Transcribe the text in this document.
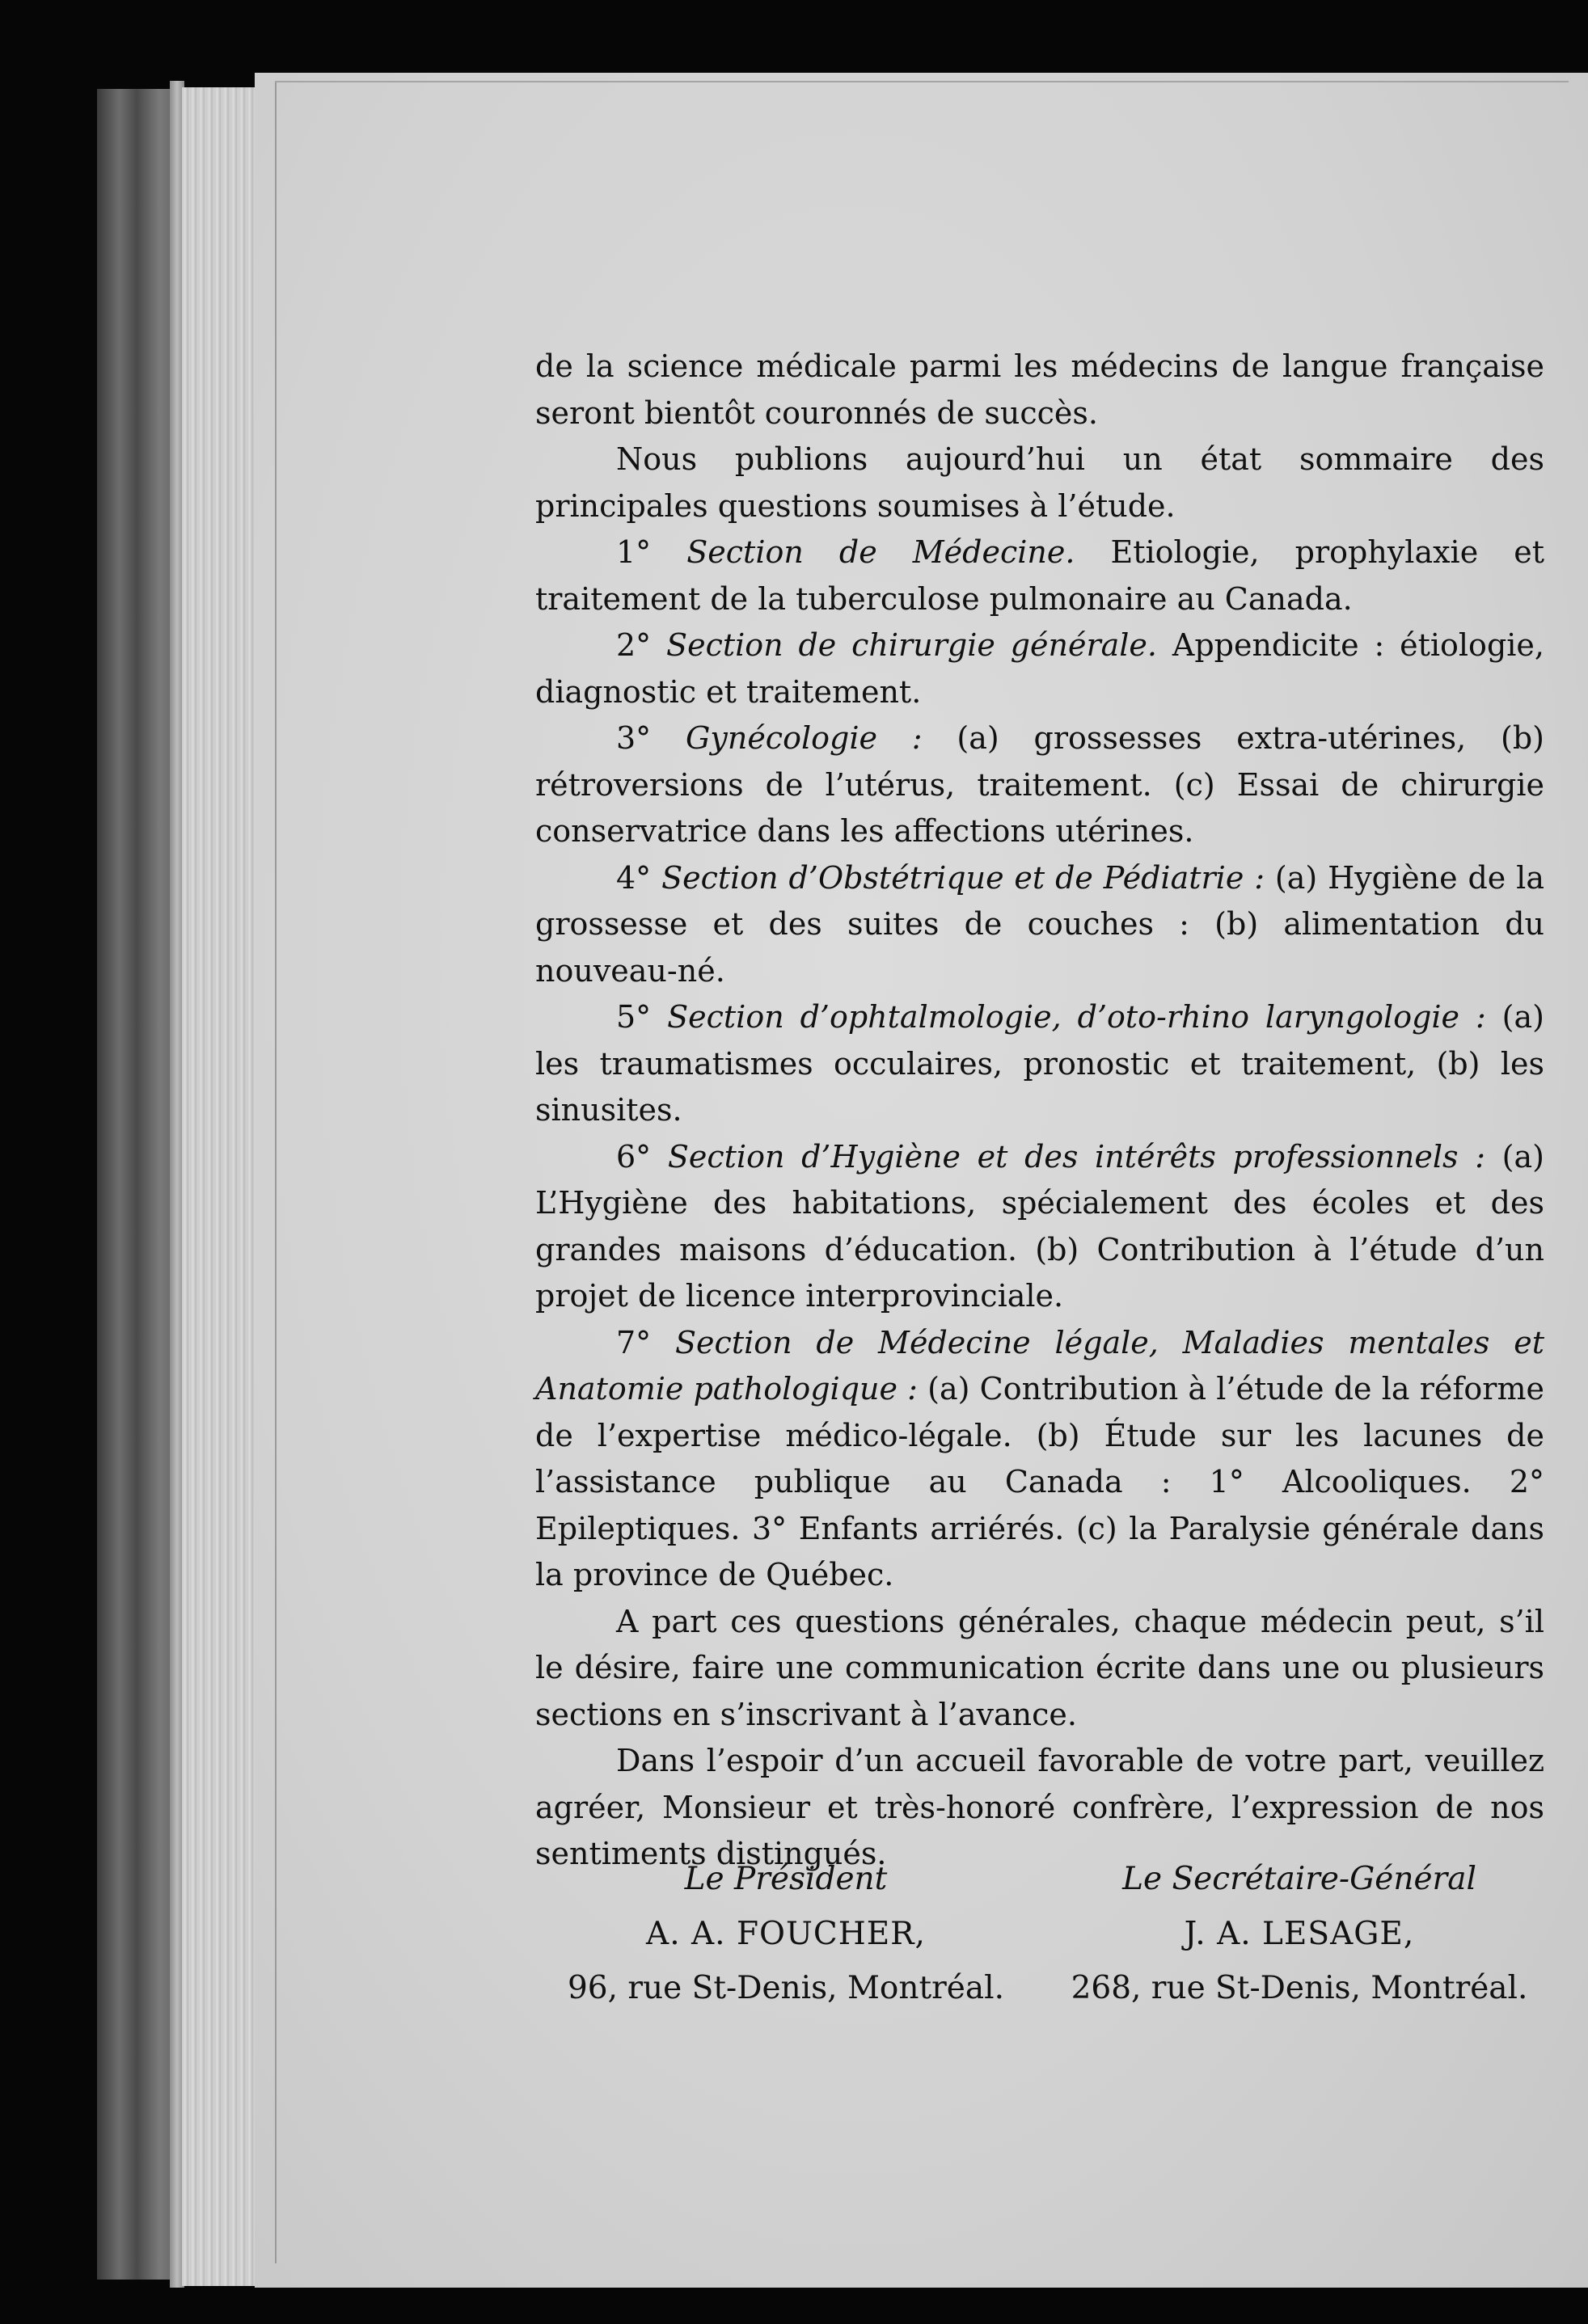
de la science médicale parmi les médecins de langue française seront bientôt couronnés de succès.

Nous publions aujourd’hui un état sommaire des principales questions soumises à l’étude.

1° Section de Médecine. Etiologie, prophylaxie et traitement de la tuberculose pulmonaire au Canada.

2° Section de chirurgie générale. Appendicite : étiologie, diagnostic et traitement.

3° Gynécologie : (a) grossesses extra-utérines, (b) rétroversions de l’utérus, traitement. (c) Essai de chirurgie conservatrice dans les affections utérines.

4° Section d’Obstétrique et de Pédiatrie : (a) Hygiène de la grossesse et des suites de couches : (b) alimentation du nouveau-né.

5° Section d’ophtalmologie, d’oto-rhino laryngologie : (a) les traumatismes occulaires, pronostic et traitement, (b) les sinusites.

6° Section d’Hygiène et des intérêts professionnels : (a) L’Hygiène des habitations, spécialement des écoles et des grandes maisons d’éducation. (b) Contribution à l’étude d’un projet de licence interprovinciale.

7° Section de Médecine légale, Maladies mentales et Anatomie pathologique : (a) Contribution à l’étude de la réforme de l’expertise médico-légale. (b) Étude sur les lacunes de l’assistance publique au Canada : 1° Alcooliques. 2° Epileptiques. 3° Enfants arriérés. (c) la Paralysie générale dans la province de Québec.

A part ces questions générales, chaque médecin peut, s’il le désire, faire une communication écrite dans une ou plusieurs sections en s’inscrivant à l’avance.

Dans l’espoir d’un accueil favorable de votre part, veuillez agréer, Monsieur et très-honoré confrère, l’expression de nos sentiments distingués.

Le Président
A. A. FOUCHER,
96, rue St-Denis, Montréal.
Le Secrétaire-Général
J. A. LESAGE,
268, rue St-Denis, Montréal.
